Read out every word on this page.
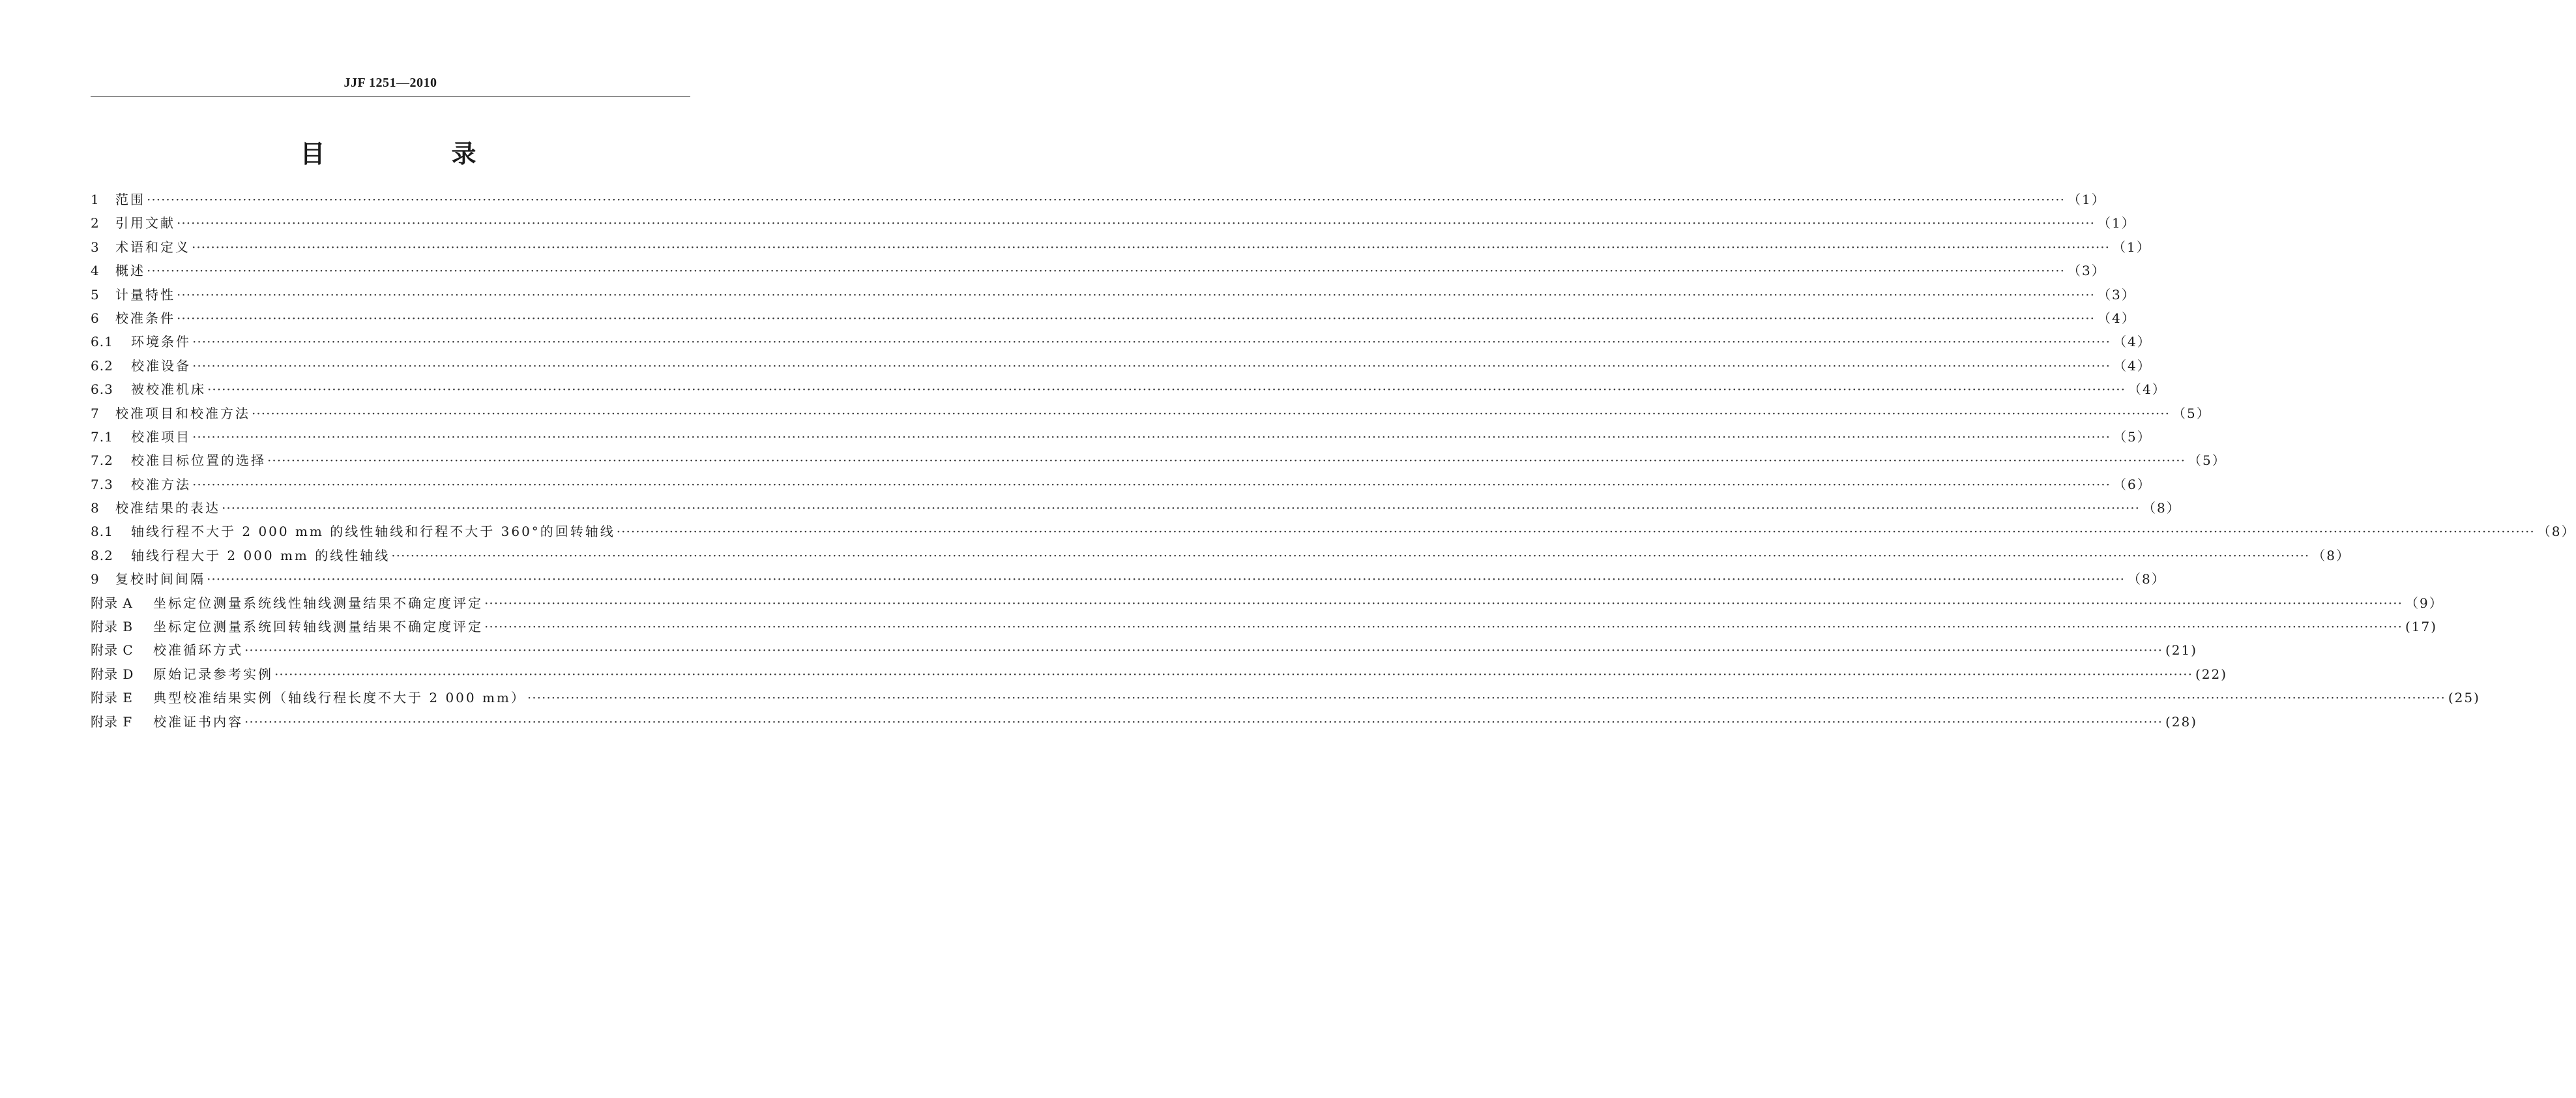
JJF 1251—2010
目　录
1	范围 ················································································································································································································································································································································································································ （1）
2	引用文献 ················································································································································································································································································································································································································ （1）
3	术语和定义 ················································································································································································································································································································································································································ （1）
4	概述 ················································································································································································································································································································································································································ （3）
5	计量特性 ················································································································································································································································································································································································································ （3）
6	校准条件 ················································································································································································································································································································································································································ （4）
6.1	环境条件 ················································································································································································································································································································································································································ （4）
6.2	校准设备 ················································································································································································································································································································································································································ （4）
6.3	被校准机床 ················································································································································································································································································································································································································ （4）
7	校准项目和校准方法 ················································································································································································································································································································································································································ （5）
7.1	校准项目 ················································································································································································································································································································································································································ （5）
7.2	校准目标位置的选择 ················································································································································································································································································································································································································ （5）
7.3	校准方法 ················································································································································································································································································································································································································ （6）
8	校准结果的表达 ················································································································································································································································································································································································································ （8）
8.1	轴线行程不大于 2 000 mm 的线性轴线和行程不大于 360°的回转轴线 ················································································································································································································································································································································································································ （8）
8.2	轴线行程大于 2 000 mm 的线性轴线 ················································································································································································································································································································································································································ （8）
9	复校时间间隔 ················································································································································································································································································································································································································ （8）
附录 A	坐标定位测量系统线性轴线测量结果不确定度评定 ················································································································································································································································································································································································································ （9）
附录 B	坐标定位测量系统回转轴线测量结果不确定度评定 ················································································································································································································································································································································································································ (17)
附录 C	校准循环方式 ················································································································································································································································································································································································································ (21)
附录 D	原始记录参考实例 ················································································································································································································································································································································································································ (22)
附录 E	典型校准结果实例（轴线行程长度不大于 2 000 mm） ················································································································································································································································································································································································································ (25)
附录 F	校准证书内容 ················································································································································································································································································································································································································ (28)
